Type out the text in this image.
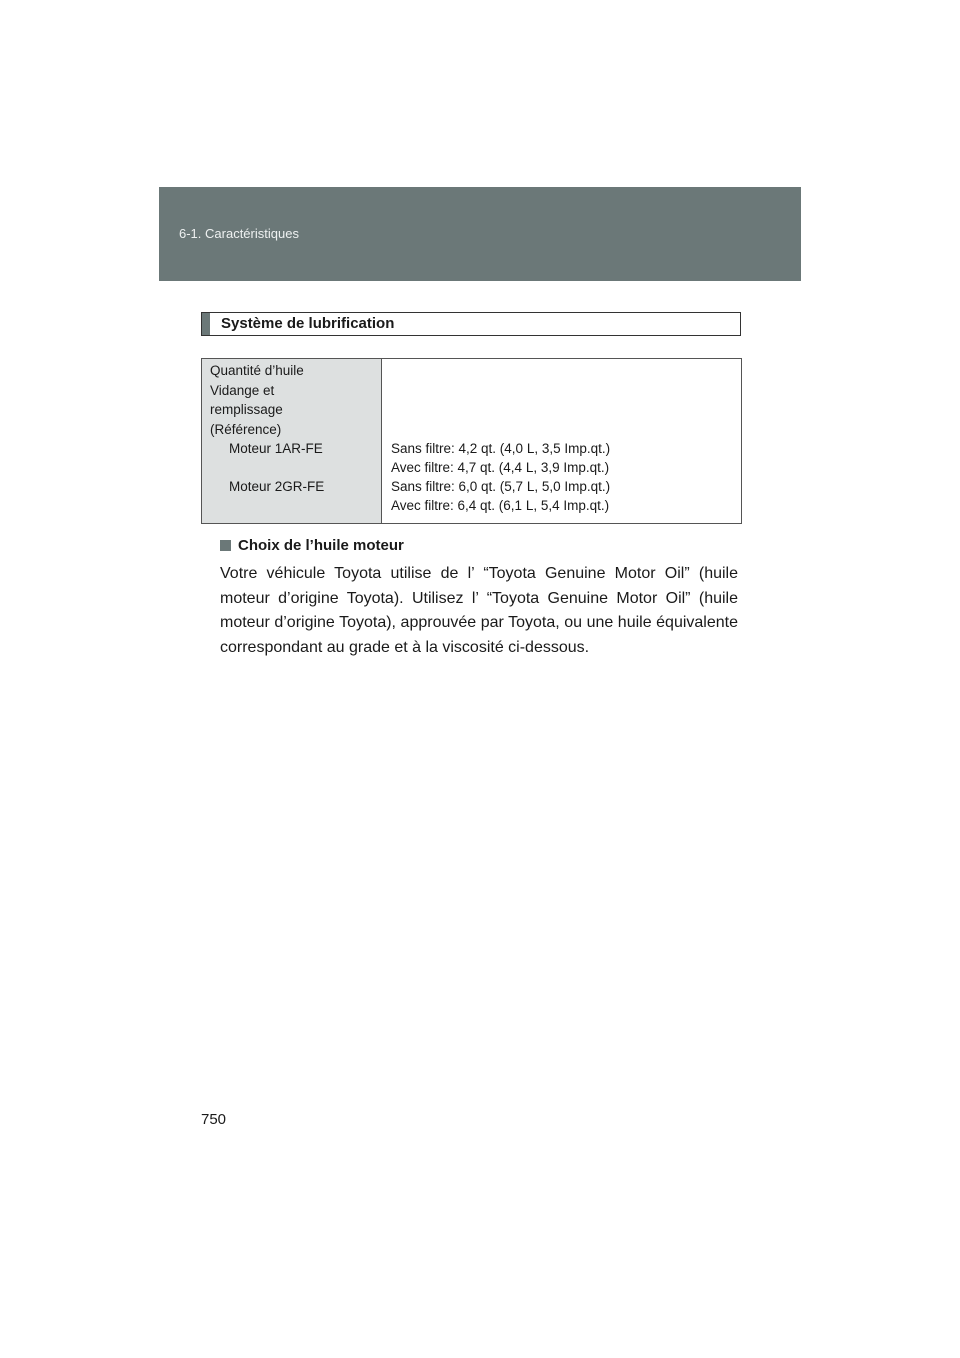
6-1. Caractéristiques
Système de lubrification
Quantité d’huile
Vidange et
remplissage
(Référence)
Moteur 1AR-FE
Moteur 2GR-FE
Sans filtre: 4,2 qt. (4,0 L, 3,5 Imp.qt.)
Avec filtre: 4,7 qt. (4,4 L, 3,9 Imp.qt.)
Sans filtre: 6,0 qt. (5,7 L, 5,0 Imp.qt.)
Avec filtre: 6,4 qt. (6,1 L, 5,4 Imp.qt.)
Choix de l’huile moteur
Votre véhicule Toyota utilise de l’ “Toyota Genuine Motor Oil” (huile moteur d’origine Toyota). Utilisez l’ “Toyota Genuine Motor Oil” (huile moteur d’origine Toyota), approuvée par Toyota, ou une huile équivalente correspondant au grade et à la viscosité ci-dessous.
750
